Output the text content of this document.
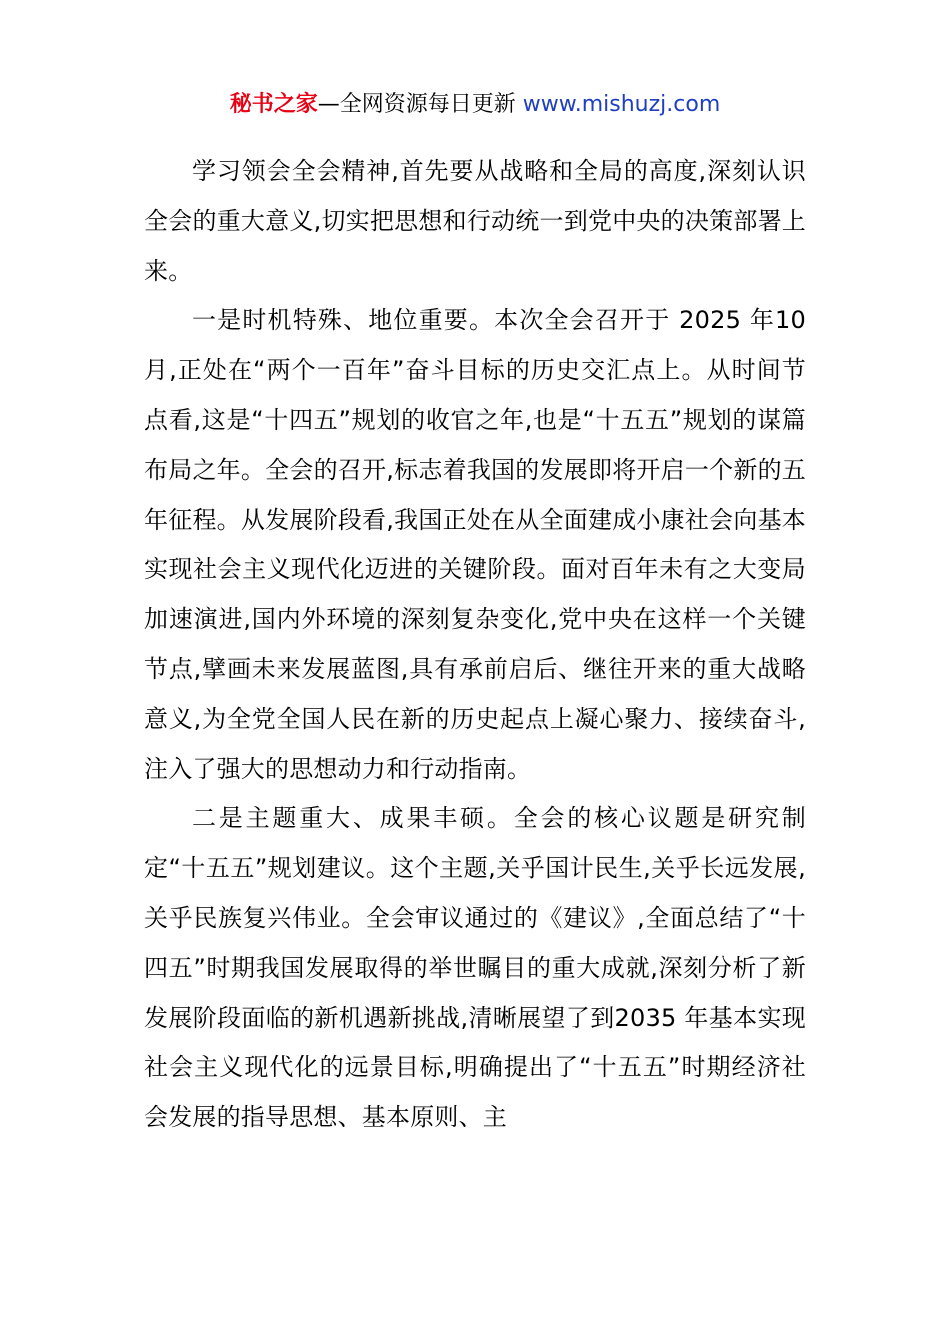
秘书之家—全网资源每日更新 www.mishuzj.com

学习领会全会精神,首先要从战略和全局的高度,深刻认识全会的重大意义,切实把思想和行动统一到党中央的决策部署上来。

一是时机特殊、地位重要。本次全会召开于 2025 年10 月,正处在“两个一百年”奋斗目标的历史交汇点上。从时间节点看,这是“十四五”规划的收官之年,也是“十五五”规划的谋篇布局之年。全会的召开,标志着我国的发展即将开启一个新的五年征程。从发展阶段看,我国正处在从全面建成小康社会向基本实现社会主义现代化迈进的关键阶段。面对百年未有之大变局加速演进,国内外环境的深刻复杂变化,党中央在这样一个关键节点,擘画未来发展蓝图,具有承前启后、继往开来的重大战略意义,为全党全国人民在新的历史起点上凝心聚力、接续奋斗,注入了强大的思想动力和行动指南。

二是主题重大、成果丰硕。全会的核心议题是研究制定“十五五”规划建议。这个主题,关乎国计民生,关乎长远发展,关乎民族复兴伟业。全会审议通过的《建议》,全面总结了“十四五”时期我国发展取得的举世瞩目的重大成就,深刻分析了新发展阶段面临的新机遇新挑战,清晰展望了到2035 年基本实现社会主义现代化的远景目标,明确提出了“十五五”时期经济社会发展的指导思想、基本原则、主
